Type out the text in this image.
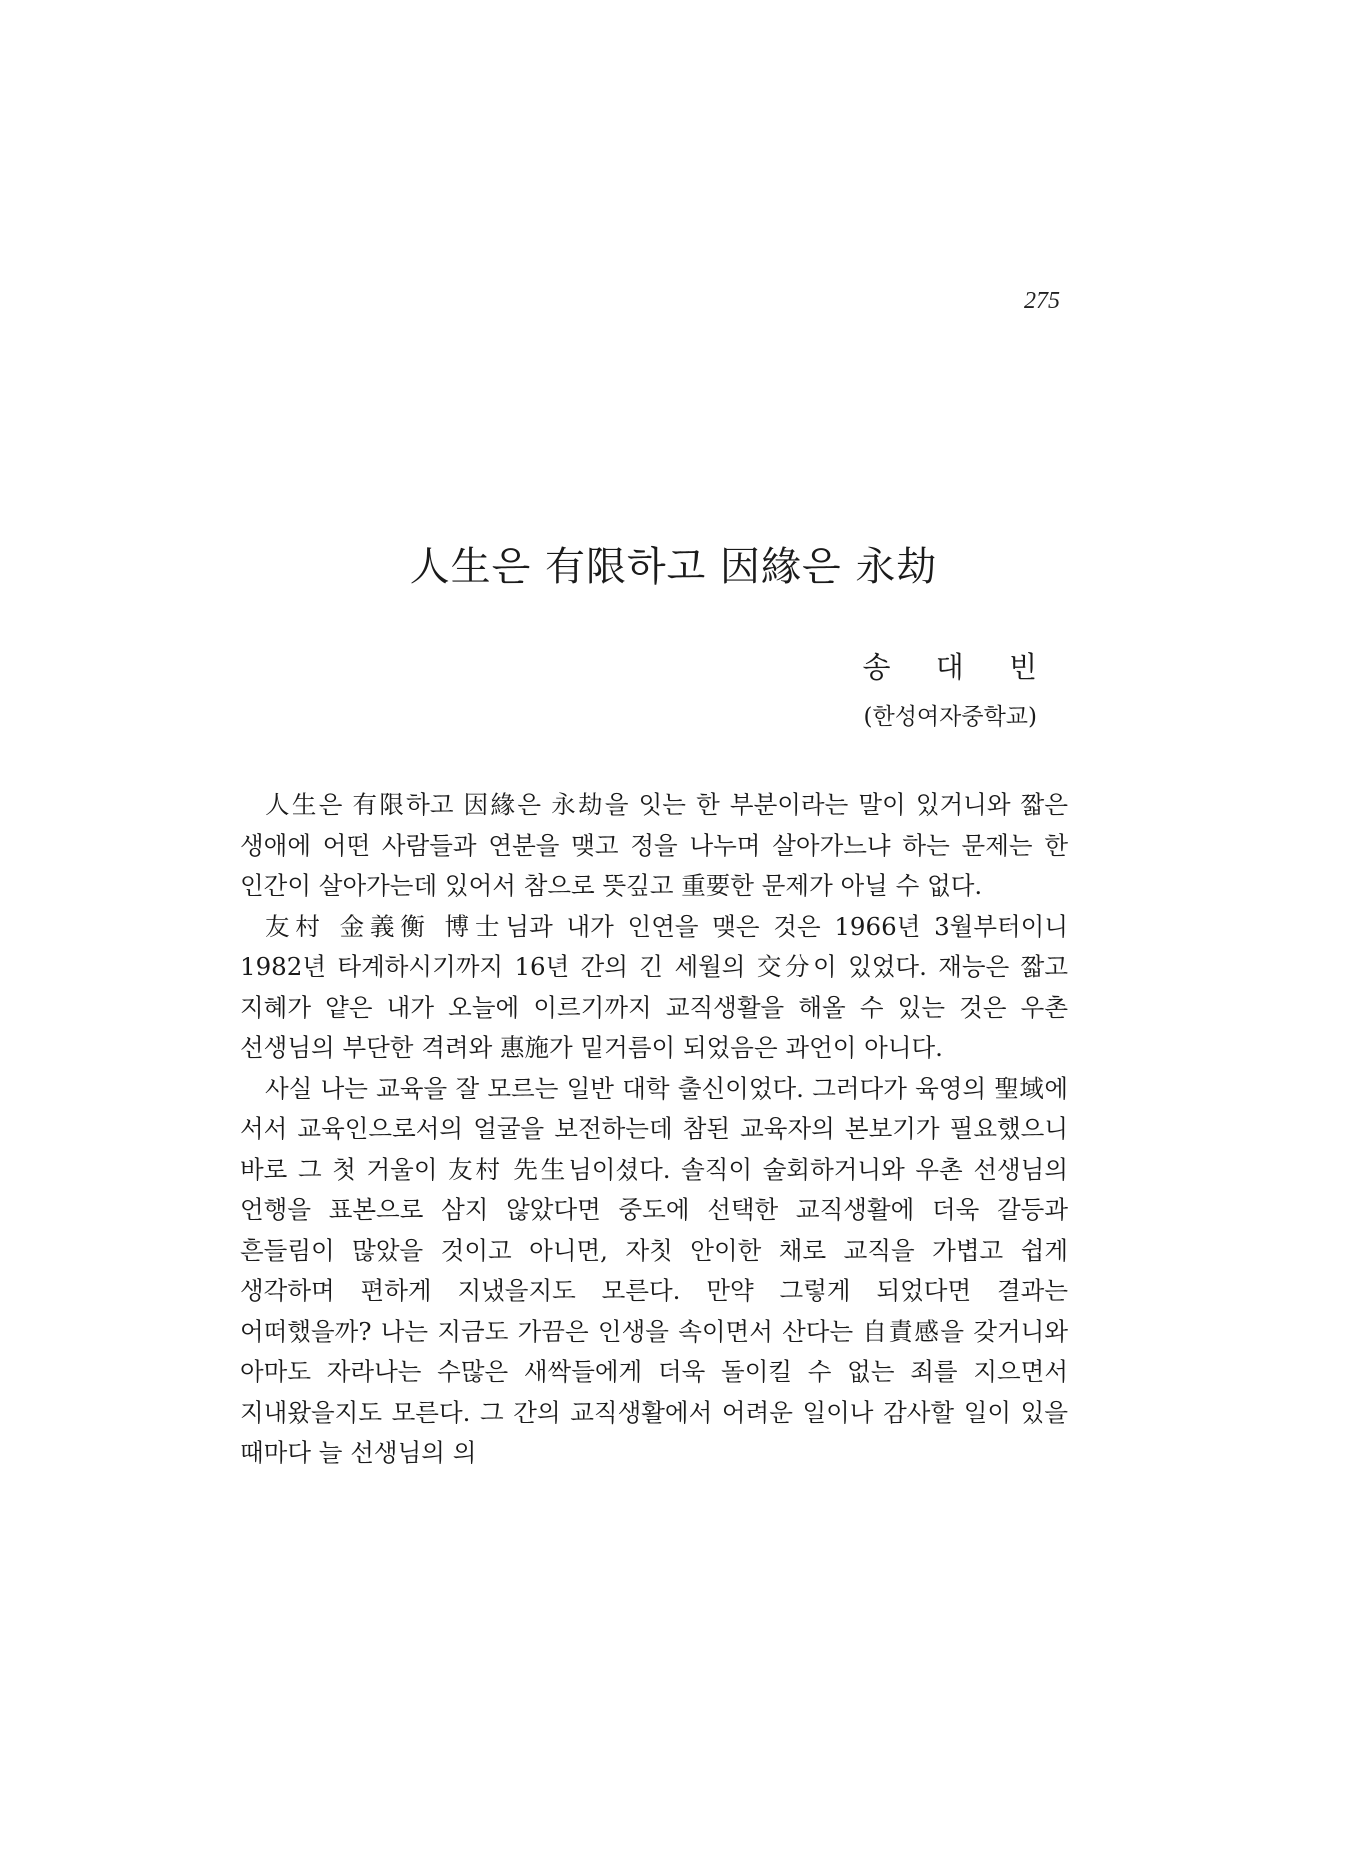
275
人生은 有限하고 因緣은 永劫
송 대 빈
(한성여자중학교)

人生은 有限하고 因緣은 永劫을 잇는 한 부분이라는 말이 있거니와 짧은 생애에 어떤 사람들과 연분을 맺고 정을 나누며 살아가느냐 하는 문제는 한 인간이 살아가는데 있어서 참으로 뜻깊고 重要한 문제가 아닐 수 없다.

友村 金義衡 博士님과 내가 인연을 맺은 것은 1966년 3월부터이니 1982년 타계하시기까지 16년 간의 긴 세월의 交分이 있었다. 재능은 짧고 지혜가 얕은 내가 오늘에 이르기까지 교직생활을 해올 수 있는 것은 우촌 선생님의 부단한 격려와 惠施가 밑거름이 되었음은 과언이 아니다.

사실 나는 교육을 잘 모르는 일반 대학 출신이었다. 그러다가 육영의 聖域에 서서 교육인으로서의 얼굴을 보전하는데 참된 교육자의 본보기가 필요했으니 바로 그 첫 거울이 友村 先生님이셨다. 솔직이 술회하거니와 우촌 선생님의 언행을 표본으로 삼지 않았다면 중도에 선택한 교직생활에 더욱 갈등과 흔들림이 많았을 것이고 아니면, 자칫 안이한 채로 교직을 가볍고 쉽게 생각하며 편하게 지냈을지도 모른다. 만약 그렇게 되었다면 결과는 어떠했을까? 나는 지금도 가끔은 인생을 속이면서 산다는 自責感을 갖거니와 아마도 자라나는 수많은 새싹들에게 더욱 돌이킬 수 없는 죄를 지으면서 지내왔을지도 모른다. 그 간의 교직생활에서 어려운 일이나 감사할 일이 있을 때마다 늘 선생님의 의
